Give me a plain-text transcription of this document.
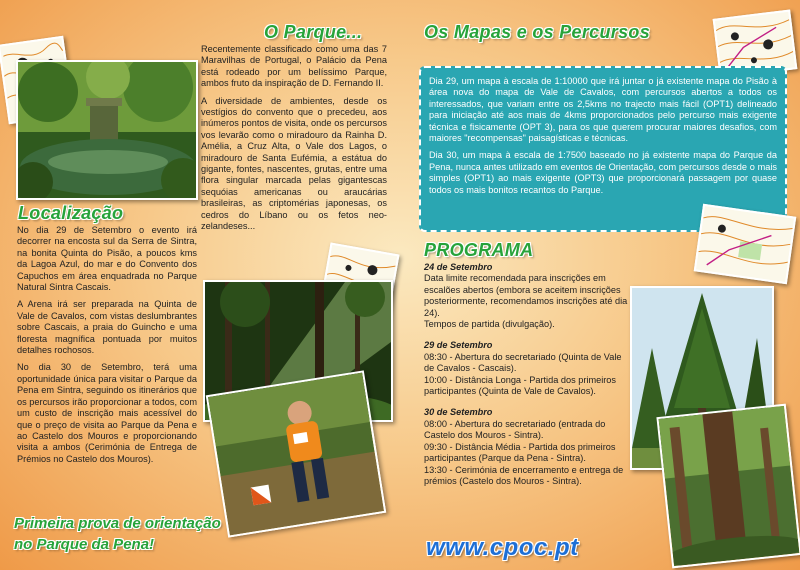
Localização

No dia 29 de Setembro o evento irá decorrer na encosta sul da Serra de Sintra, na bonita Quinta do Pisão, a poucos kms da Lagoa Azul, do mar e do Convento dos Capuchos em área enquadrada no Parque Natural Sintra Cascais.

A Arena irá ser preparada na Quinta de Vale de Cavalos, com vistas deslumbrantes sobre Cascais, a praia do Guincho e uma floresta magnífica pontuada por muitos detalhes rochosos.

No dia 30 de Setembro, terá uma oportunidade única para visitar o Parque da Pena em Sintra, seguindo os itinerários que os percursos irão proporcionar a todos, com um custo de inscrição mais acessível do que o preço de visita ao Parque da Pena e ao Castelo dos Mouros e proporcionando visita a ambos (Cerimónia de Entrega de Prémios no Castelo dos Mouros).

Primeira prova de orientação
no Parque da Pena!
O Parque...

Recentemente classificado como uma das 7 Maravilhas de Portugal, o Palácio da Pena está rodeado por um belíssimo Parque, ambos fruto da inspiração de D. Fernando II.

A diversidade de ambientes, desde os vestígios do convento que o precedeu, aos inúmeros pontos de visita, onde os percursos vos levarão como o miradouro da Rainha D. Amélia, a Cruz Alta, o Vale dos Lagos, o miradouro de Santa Eufémia, a estátua do gigante, fontes, nascentes, grutas, entre uma flora singular marcada pelas gigantescas sequóias americanas ou araucárias brasileiras, as criptomérias japonesas, os cedros do Líbano ou os fetos neo-zelandeses...

Os Mapas e os Percursos

Dia 29, um mapa à escala de 1:10000 que irá juntar o já existente mapa do Pisão à área nova do mapa de Vale de Cavalos, com percursos abertos a todos os interessados, que variam entre os 2,5kms no trajecto mais fácil (OPT1) delineado para iniciação até aos mais de 4kms proporcionados pelo percurso mais exigente técnica e fisicamente (OPT 3), para os que querem procurar maiores desafios, com maiores "recompensas" paisagísticas e técnicas.

Dia 30, um mapa à escala de 1:7500 baseado no já existente mapa do Parque da Pena, nunca antes utilizado em eventos de Orientação, com percursos desde o mais simples (OPT1) ao mais exigente (OPT3) que proporcionará passagem por quase todos os mais bonitos recantos do Parque.

PROGRAMA
24 de Setembro
Data limite recomendada para inscrições em escalões abertos (embora se aceitem inscrições posteriormente, recomendamos inscrições até dia 24).
Tempos de partida (divulgação).
29 de Setembro
08:30 - Abertura do secretariado (Quinta de Vale de Cavalos - Cascais).
10:00 - Distância Longa - Partida dos primeiros participantes (Quinta de Vale de Cavalos).
30 de Setembro
08:00 - Abertura do secretariado (entrada do Castelo dos Mouros - Sintra).
09:30 - Distância Média - Partida dos primeiros participantes (Parque da Pena - Sintra).
13:30 - Cerimónia de encerramento e entrega de prémios (Castelo dos Mouros - Sintra).
www.cpoc.pt
